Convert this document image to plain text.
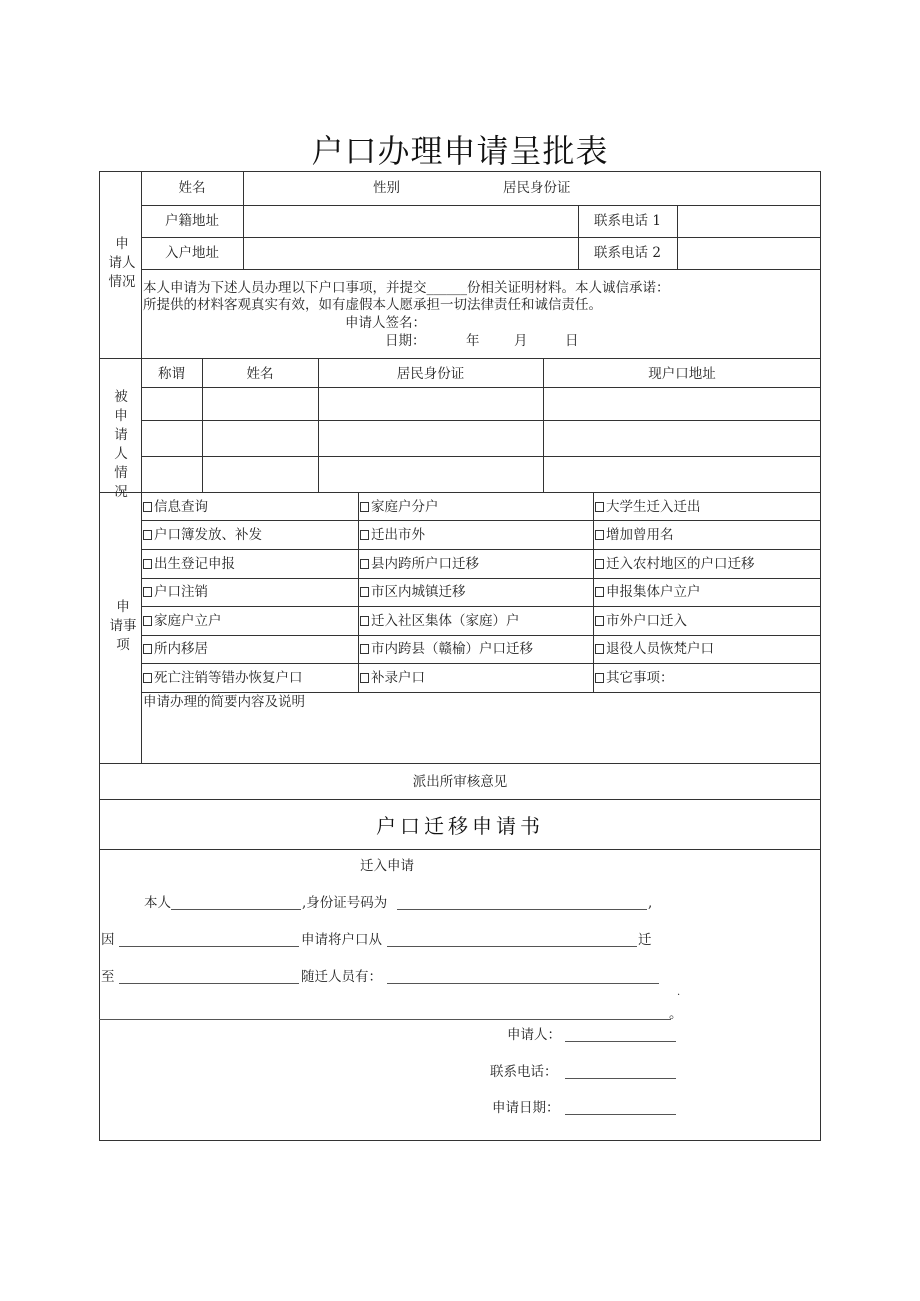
户口办理申请呈批表
申
请人
情况
姓名	性别	居民身份证
户籍地址	联系电话 1
入户地址	联系电话 2
本人申请为下述人员办理以下户口事项，并提交______份相关证明材料。本人诚信承诺：
所提供的材料客观真实有效，如有虚假本人愿承担一切法律责任和诚信责任。
申请人签名：
日期：	年	月	日
被
申请
人情
况
称谓	姓名	居民身份证	现户口地址
申
请事
项
信息查询	家庭户分户	大学生迁入迁出
户口簿发放、补发	迁出市外	增加曾用名
出生登记申报	县内跨所户口迁移	迁入农村地区的户口迁移
户口注销	市区内城镇迁移	申报集体户立户
家庭户立户	迁入社区集体（家庭）户	市外户口迁入
所内移居	市内跨县（赣榆）户口迁移	退役人员恢梵户口
死亡注销等错办恢复户口	补录户口	其它事项：
申请办理的简要内容及说明
派出所审核意见
户口迁移申请书
迁入申请
本人	,身份证号码为	,
因	申请将户口从	迁
至	随迁人员有：
.
。
申请人：
联系电话：
申请日期：
